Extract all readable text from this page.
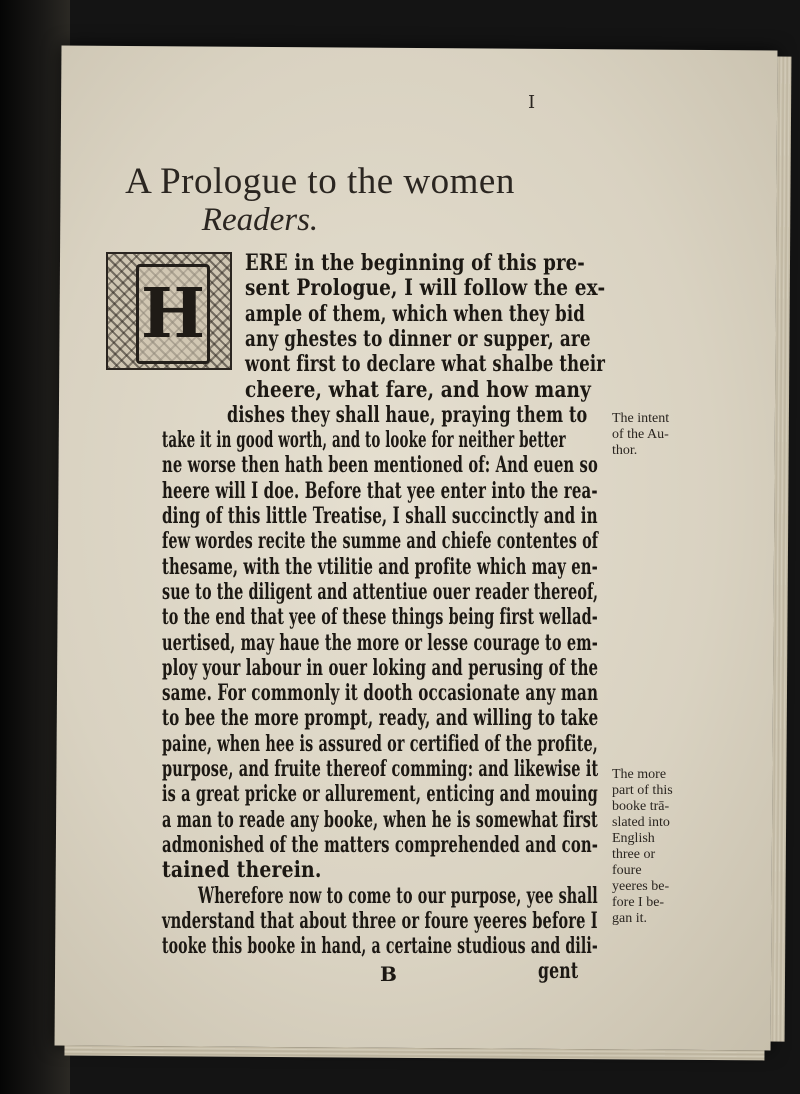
I
A Prologue to the women
Readers.
H
ERE in the beginning of this pre-
sent Prologue, I will follow the ex-
ample of them, which when they bid
any ghestes to dinner or supper, are
wont first to declare what shalbe their
cheere, what fare, and how many
dishes they shall haue, praying them to
take it in good worth, and to looke for neither better
ne worse then hath been mentioned of: And euen so
heere will I doe. Before that yee enter into the rea-
ding of this little Treatise, I shall succinctly and in
few wordes recite the summe and chiefe contentes of
thesame, with the vtilitie and profite which may en-
sue to the diligent and attentiue ouer reader thereof,
to the end that yee of these things being first wellad-
uertised, may haue the more or lesse courage to em-
ploy your labour in ouer loking and perusing of the
same. For commonly it dooth occasionate any man
to bee the more prompt, ready, and willing to take
paine, when hee is assured or certified of the profite,
purpose, and fruite thereof comming: and likewise it
is a great pricke or allurement, enticing and mouing
a man to reade any booke, when he is somewhat first
admonished of the matters comprehended and con-
tained therein.
Wherefore now to come to our purpose, yee shall
vnderstand that about three or foure yeeres before I
tooke this booke in hand, a certaine studious and dili-
gent
The intent
of the Au-
thor.
The more
part of this
booke trā-
slated into
English
three or
foure
yeeres be-
fore I be-
gan it.
B
